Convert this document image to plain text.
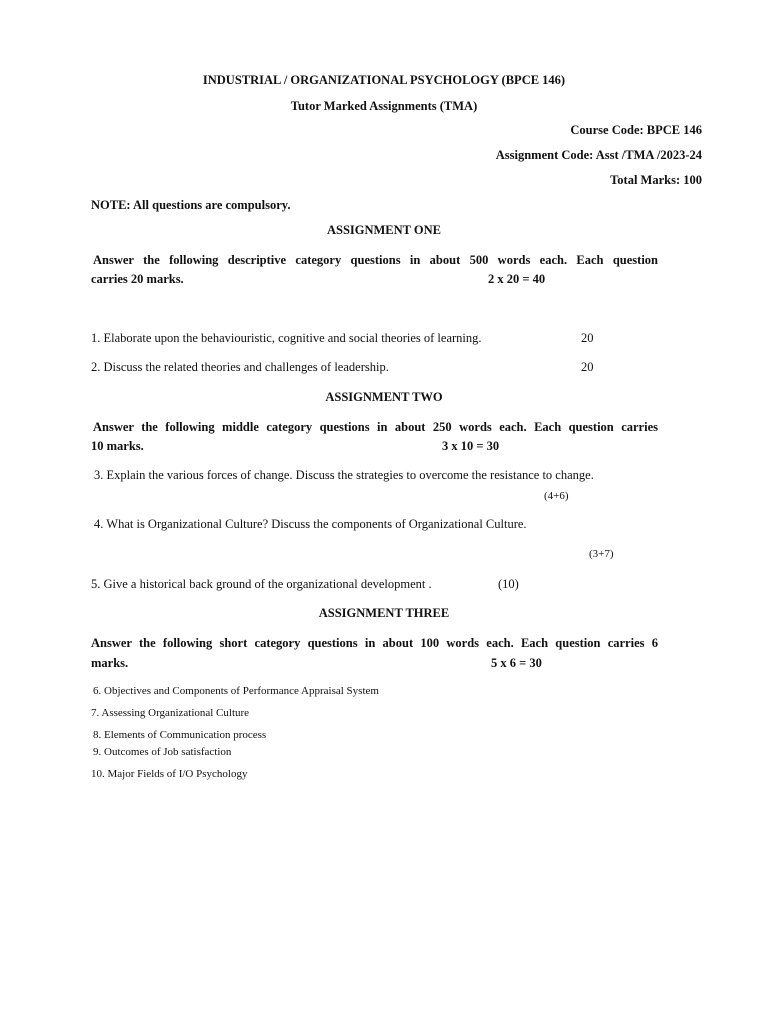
INDUSTRIAL / ORGANIZATIONAL PSYCHOLOGY (BPCE 146)
Tutor Marked Assignments (TMA)
Course Code: BPCE 146
Assignment Code: Asst /TMA /2023-24
Total Marks: 100
NOTE: All questions are compulsory.
ASSIGNMENT ONE
Answer the following descriptive category questions in about 500 words each. Each question
carries 20 marks.	2 x 20 = 40
1. Elaborate upon the behaviouristic, cognitive and social theories of learning.	20
2. Discuss the related theories and challenges of leadership.	20
ASSIGNMENT TWO
Answer the following middle category questions in about 250 words each. Each question carries
10 marks.	3 x 10 = 30
3. Explain the various forces of change. Discuss the strategies to overcome the resistance to change.
(4+6)
4. What is Organizational Culture? Discuss the components of Organizational Culture.
(3+7)
5. Give a historical back ground of the organizational development .	(10)
ASSIGNMENT THREE
Answer the following short category questions in about 100 words each. Each question carries 6
marks.	5 x 6 = 30
6. Objectives and Components of Performance Appraisal System
7. Assessing Organizational Culture
8. Elements of Communication process
9. Outcomes of Job satisfaction
10. Major Fields of I/O Psychology
